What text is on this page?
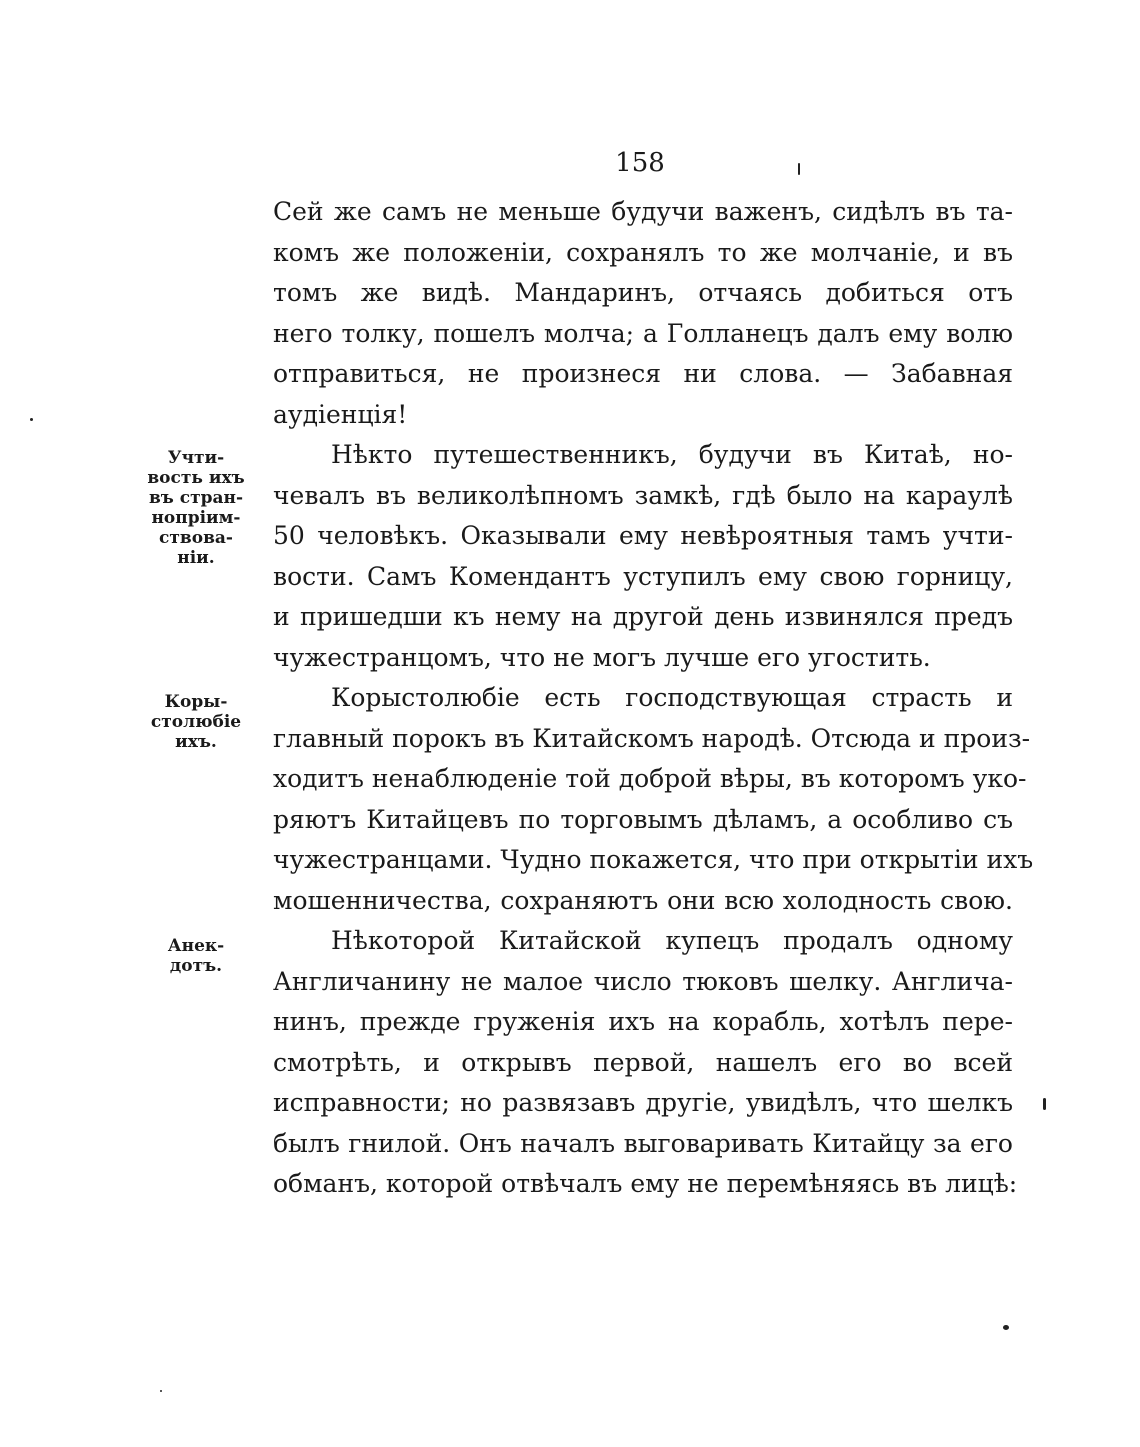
158
Сей же самъ не меньше будучи важенъ, сидѣлъ въ та-
комъ же положеніи, сохранялъ то же молчаніе, и въ
томъ же видѣ. Мандаринъ, отчаясь добиться отъ
него толку, пошелъ молча; а Голланецъ далъ ему волю
отправиться, не произнеся ни слова. — Забавная
аудіенція!
Нѣкто путешественникъ, будучи въ Китаѣ, но-
чевалъ въ великолѣпномъ замкѣ, гдѣ было на караулѣ
50 человѣкъ. Оказывали ему невѣроятныя тамъ учти-
вости. Самъ Комендантъ уступилъ ему свою горницу,
и пришедши къ нему на другой день извинялся предъ
чужестранцомъ, что не могъ лучше его угостить.
Корыстолюбіе есть господствующая страсть и
главный порокъ въ Китайскомъ народѣ. Отсюда и произ-
ходитъ ненаблюденіе той доброй вѣры, въ которомъ уко-
ряютъ Китайцевъ по торговымъ дѣламъ, а особливо съ
чужестранцами. Чудно покажется, что при открытіи ихъ
мошенничества, сохраняютъ они всю холодность свою.
Нѣкоторой Китайской купецъ продалъ одному
Англичанину не малое число тюковъ шелку. Англича-
нинъ, прежде груженія ихъ на корабль, хотѣлъ пере-
смотрѣть, и открывъ первой, нашелъ его во всей
исправности; но развязавъ другіе, увидѣлъ, что шелкъ
былъ гнилой. Онъ началъ выговаривать Китайцу за его
обманъ, которой отвѣчалъ ему не перемѣняясь въ лицѣ:
Учти-
вость ихъ
въ стран-
нопріим-
ствова-
ніи.
Коры-
столюбіе
ихъ.
Анек-
дотъ.
